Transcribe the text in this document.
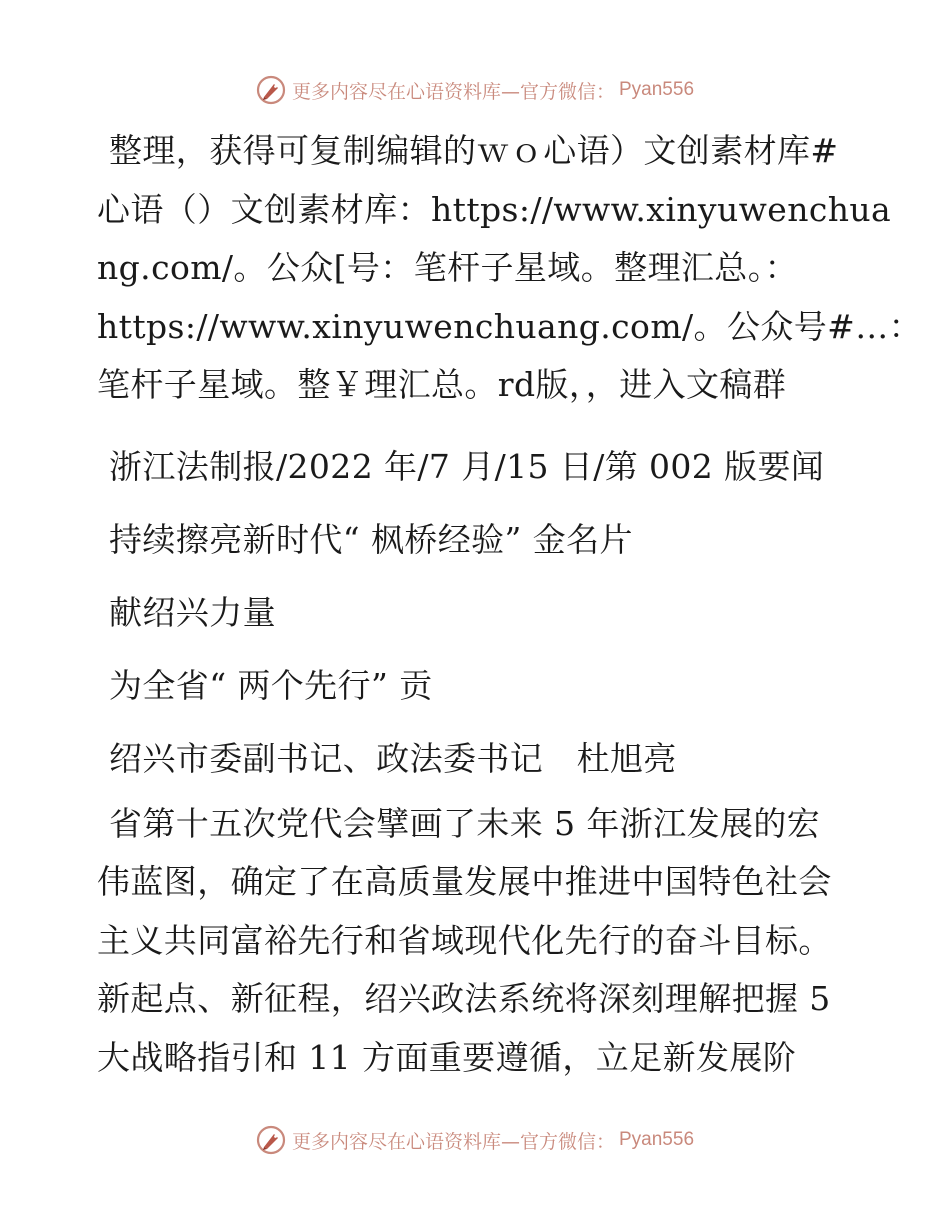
更多内容尽在心语资料库—官方微信： Pyan556
整理，获得可复制编辑的ｗｏ心语）文创素材库#
心语（）文创素材库：https://www.xinyuwenchua
ng.com/。公众[号：笔杆子星域。整理汇总。：
https://www.xinyuwenchuang.com/。公众号#…：
笔杆子星域。整￥理汇总。rd版，，进入文稿群
浙江法制报/2022 年/7 月/15 日/第 002 版要闻
持续擦亮新时代“ 枫桥经验” 金名片
献绍兴力量
为全省“ 两个先行” 贡
绍兴市委副书记、政法委书记　杜旭亮
省第十五次党代会擘画了未来 5 年浙江发展的宏
伟蓝图，确定了在高质量发展中推进中国特色社会
主义共同富裕先行和省域现代化先行的奋斗目标。
新起点、新征程，绍兴政法系统将深刻理解把握 5
大战略指引和 11 方面重要遵循，立足新发展阶
更多内容尽在心语资料库—官方微信： Pyan556
